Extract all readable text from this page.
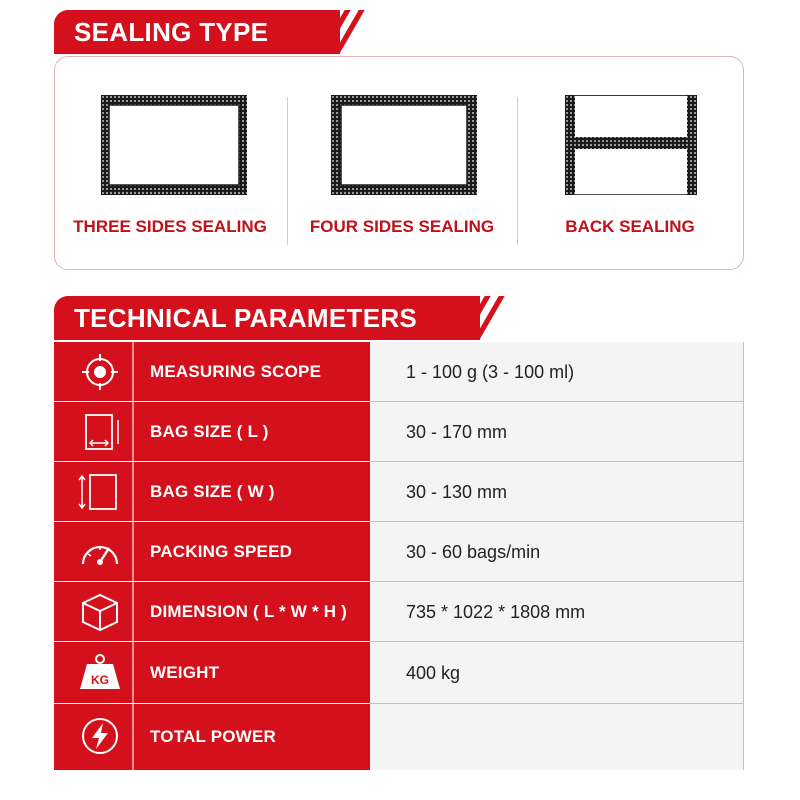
THREE SIDES SEALING	FOUR SIDES SEALING	BACK SEALING
SEALING TYPE
TECHNICAL PARAMETERS
MEASURING SCOPE	1 - 100 g (3 - 100 ml)
BAG SIZE ( L )	30 - 170 mm
BAG SIZE ( W )	30 - 130 mm
PACKING SPEED	30 - 60 bags/min
DIMENSION ( L * W * H )	735 * 1022 * 1808 mm
KG WEIGHT	400 kg
TOTAL POWER
